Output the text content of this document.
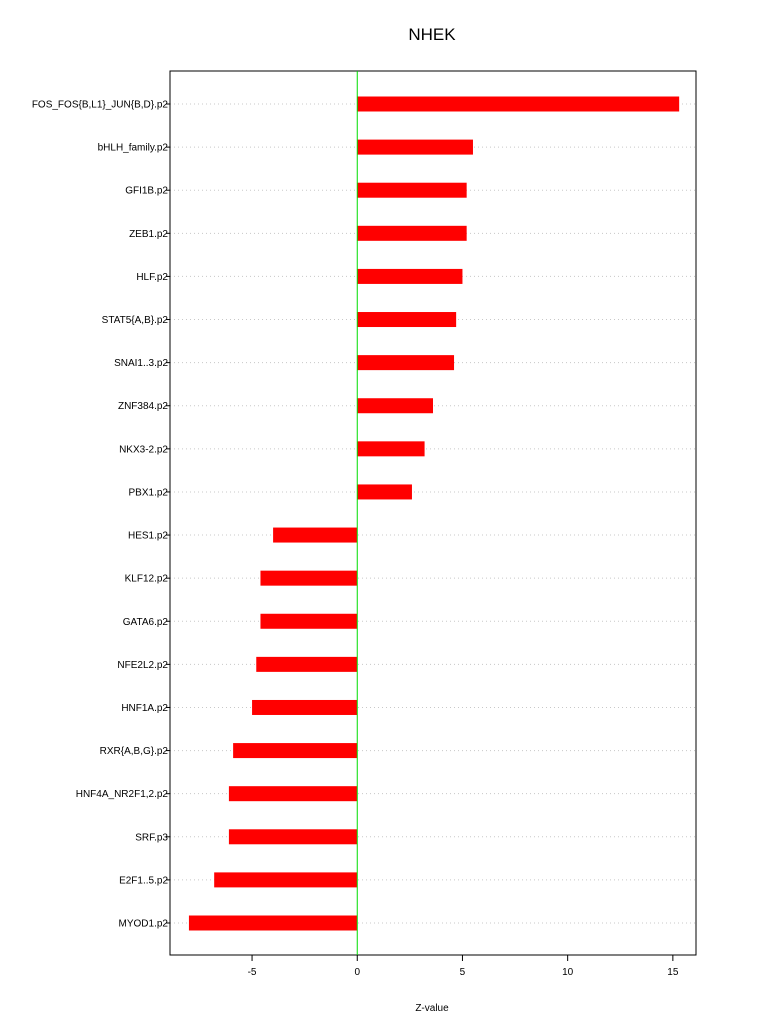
NHEK
FOS_FOS{B,L1}_JUN{B,D}.p2
bHLH_family.p2
GFI1B.p2
ZEB1.p2
HLF.p2
STAT5{A,B}.p2
SNAI1..3.p2
ZNF384.p2
NKX3-2.p2
PBX1.p2
HES1.p2
KLF12.p2
GATA6.p2
NFE2L2.p2
HNF1A.p2
RXR{A,B,G}.p2
HNF4A_NR2F1,2.p2
SRF.p3
E2F1..5.p2
MYOD1.p2
-5	0	5	10	15
Z-value
